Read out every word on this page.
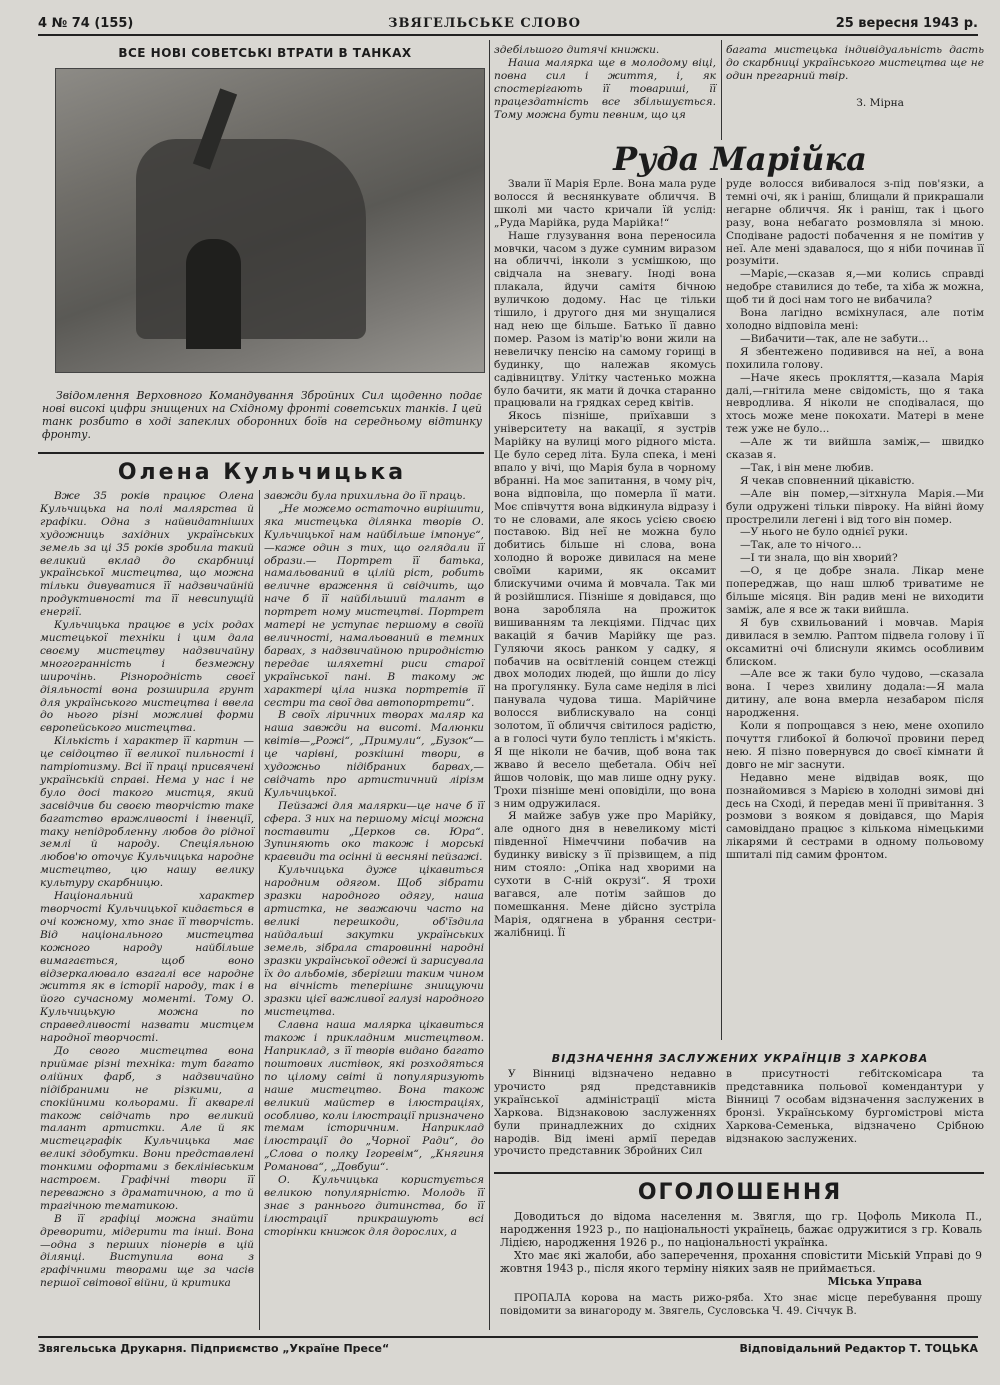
4 № 74 (155)	ЗВЯГЕЛЬСЬКЕ СЛОВО	25 вересня 1943 р.
ВСЕ НОВІ СОВЕТСЬКІ ВТРАТИ В ТАНКАХ
Звідомлення Верховного Командування Збройних Сил щоденно подає нові високі цифри знищених на Східному фронті советських танків. І цей танк розбито в ході запеклих оборонних боїв на середньому відтинку фронту.
Олена Кульчицька

Вже 35 років працює Олена Кульчицька на полі малярства й графіки. Одна з найвидатніших художниць західних українських земель за ці 35 років зробила такий великий вклад до скарбниці української мистецтва, що можна тільки дивуватися її надзвичайній продуктивності та її невсипущій енергії.

Кульчицька працює в усіх родах мистецької техніки і цим дала своєму мистецтву надзвичайну многогранність і безмежну широчінь. Різнородність своєї діяльності вона розширила грунт для українського мистецтва і ввела до нього різні можливі форми європейського мистецтва.

Кількість і характер її картин —це свідоцтво її великої пильності і патріотизму. Всі її праці присвячені українській справі. Нема у нас і не було досі такого мистця, який засвідчив би своєю творчістю таке багатство вражливості і інвенції, таку непідробленну любов до рідної землі й народу. Спеціяльною любов'ю оточує Кульчицька народне мистецтво, цю нашу велику культуру скарбницю.

Національний характер творчості Кульчицької кидається в очі кожному, хто знає її творчість. Від національного мистецтва кожного народу найбільше вимагається, щоб воно відзеркалювало взагалі все народне життя як в історії народу, так і в його сучасному моменті. Тому О. Кульчицькую можна по справедливості назвати мистцем народної творчості.

До свого мистецтва вона приймає різні техніка: тут багато олійних фарб, з надзвичайно підібраними не різкими, а спокійними кольорами. Її акварелі також свідчать про великий талант артистки. Але й як мистецграфік Кульчицька має великі здобутки. Вони представлені тонкими офортами з беклінівським настроєм. Графічні твори її переважно з драматичною, а то й трагічною тематикою.

В її графіці можна знайти древорити, мідерити та інші. Вона—одна з перших піонерів в цій ділянці. Виступила вона з графічними творами ще за часів першої світової війни, й критика

завжди була прихильна до її праць.

„Не можемо остаточно вирішити, яка мистецька ділянка творів О. Кульчицької нам найбільше імпонує“,—каже один з тих, що оглядали її образи.— Портрет її батька, намальований в цілій ріст, робить величне враження й свідчить, що наче б її найбільший талант в портрет ному мистецтві. Портрет матері не уступає першому в своїй величності, намальований в темних барвах, з надзвичайною природністю передає шляхетні риси старої української пані. В такому ж характері ціла низка портретів її сестри та свої два автопортрети“.

В своїх ліричних творах маляр ка наша завжди на висоті. Малюнки квітів—„Рожі“, „Примули“, „Бузок“—це чарівні, розкішні твори, в художньо підібраних барвах,—свідчать про артистичний лірізм Кульчицької.

Пейзажі для малярки—це наче б її сфера. З них на першому місці можна поставити „Церков св. Юра“. Зупиняють око також і морські краєвиди та осінні й весняні пейзажі.

Кульчицька дуже цікавиться народним одягом. Щоб зібрати зразки народного одягу, наша артистка, не зважаючи часто на великі перешкоди, об'їздила найдальші закутки українських земель, зібрала старовинні народні зразки української одежі й зарисувала їх до альбомів, зберігши таким чином на вічність теперішнє знищуючи зразки цієї важливої галузі народного мистецтва.

Славна наша малярка цікавиться також і прикладним мистецтвом. Наприклад, з її творів видано багато поштових листівок, які розходяться по цілому світі й популяризують наше мистецтво. Вона також великий майстер в ілюстраціях, особливо, коли ілюстрації призначено темам історичним. Наприклад ілюстрації до „Чорної Ради“, до „Слова о полку Ігоревім“, „Княгиня Романова“, „Довбуш“.

О. Кульчицька користується великою популярністю. Молодь її знає з раннього дитинства, бо її ілюстрації прикрашують всі сторінки книжок для дорослих, а

здебільшого дитячі книжки.

Наша малярка ще в молодому віці, повна сил і життя, і, як спостерігають її товариші, її працездатність все збільшується. Тому можна бути певним, що ця

багата мистецька індивідуальність дасть до скарбниці українського мистецтва ще не один прегарний твір.

З. Мірна

Руда Марійка

Звали її Марія Ерле. Вона мала руде волосся й веснянкувате обличчя. В школі ми часто кричали їй услід: „Руда Марійка, руда Марійка!“

Наше глузування вона переносила мовчки, часом з дуже сумним виразом на обличчі, інколи з усмішкою, що свідчала на зневагу. Іноді вона плакала, йдучи самітя бічною вуличкою додому. Нас це тільки тішило, і другого дня ми знущалися над нею ще більше. Батько її давно помер. Разом із матір'ю вони жили на невеличку пенсію на самому горищі в будинку, що належав якомусь садівництву. Улітку частенько можна було бачити, як мати й дочка старанно працювали на грядках серед квітів.

Якось пізніше, приїхавши з університету на вакації, я зустрів Марійку на вулиці мого рідного міста. Це було серед літа. Була спека, і мені впало у вічі, що Марія була в чорному вбранні. На моє запитання, в чому річ, вона відповіла, що померла її мати. Моє співчуття вона відкинула вiдразу і то не словами, але якось усією своєю поставою. Від неї не можна було добитись більше ні слова, вона холодно й вороже дивилася на мене своїми карими, як оксамит блискучими очима й мовчала. Так ми й розійшлися. Пізніше я довідався, що вона заробляла на прожиток вишиванням та лекціями. Підчас цих вакацій я бачив Марійку ще раз. Гуляючи якось ранком у садку, я побачив на освітленій сонцем стежці двох молодих людей, що йшли до лісу на прогулянку. Була саме неділя в лісі панувала чудова тиша. Марійчине волосся виблискувало на сонці золотом, її обличчя світилося радістю, а в голосі чути було теплість і м'якість. Я ще ніколи не бачив, щоб вона так жваво й весело щебетала. Обіч неї йшов чоловік, що мав лише одну руку. Трохи пізніше мені оповіділи, що вона з ним одружилася.

Я майже забув уже про Марійку, але одного дня в невеликому місті південної Німеччини побачив на будинку вивіску з її прізвищем, а під ним стояло: „Опіка над хворими на сухоти в С-ній окрузі“. Я трохи вагався, але потім зайшов до помешкання. Мене дійсно зустріла Марія, одягнена в убрання сестри-жалібниці. Її

руде волосся вибивалося з-під пов'язки, а темні очі, як і раніш, блищали й прикрашали негарне обличчя. Як і раніш, так і цього разу, вона небагато розмовляла зі мною. Сподіване радості побачення я не помітив у неї. Але мені здавалося, що я ніби починав її розуміти.

—Маріє,—сказав я,—ми колись справді недобре ставилися до тебе, та хіба ж можна, щоб ти й досі нам того не вибачила?

Вона лагідно всміхнулася, але потім холодно відповіла мені:

—Вибачити—так, але не забути...

Я збентежено подивився на неї, а вона похилила голову.

—Наче якесь прокляття,—казала Марія далі,—гнітила мене свідомість, що я така невродлива. Я ніколи не сподівалася, що хтось може мене покохати. Матері в мене теж уже не було...

—Але ж ти вийшла заміж,— швидко сказав я.

—Так, і він мене любив.

Я чекав сповненний цікавістю.

—Але він помер,—зітхнула Марія.—Ми були одружені тільки півроку. На війні йому прострелили легені і від того він помер.

—У нього не було однієї руки.

—Так, але то нічого...

—І ти знала, що він хворий?

—О, я це добре знала. Лікар мене попереджав, що наш шлюб триватиме не більше місяця. Він радив мені не виходити заміж, але я все ж таки вийшла.

Я був схвильований і мовчав. Марія дивилася в землю. Раптом підвела голову і її оксамитні очі блиснули якимсь особливим блиском.

—Але все ж таки було чудово, —сказала вона. І через хвилину додала:—Я мала дитину, але вона вмерла незабаром після народження.

Коли я попрощався з нею, мене охопило почуття глибокої й болючої провини перед нею. Я пізно повернувся до своєї кімнати й довго не міг заснути.

Недавно мене відвідав вояк, що познайомився з Марією в холодні зимові дні десь на Сході, й передав мені її привітання. З розмови з вояком я довідався, що Марія самовіддано працює з кількома німецькими лікарями й сестрами в одному польовому шпиталі під самим фронтом.

ВІДЗНАЧЕННЯ ЗАСЛУЖЕНИХ УКРАЇНЦІВ З ХАРКОВА

У Вінниці відзначено недавно урочисто ряд представників української адміністрації міста Харкова. Відзнаковою заслуженнях були принадлежних до східних народів. Від імені армії передав урочисто представник Збройних Сил

в присутності гебітскомісара та представника польової комендантури у Вінниці 7 особам відзначення заслужених в бронзі. Українському бургомістрові міста Харкова-Семенька, відзначено Срібною відзнакою заслужених.

ОГОЛОШЕННЯ

Доводиться до відома населення м. Звягля, що гр. Цофоль Микола П., народження 1923 р., по національності українець, бажає одружитися з гр. Коваль Лідією, народження 1926 р., по національності українка.

Хто має які жалоби, або заперечення, прохання сповістити Міській Управі до 9 жовтня 1943 р., після якого терміну ніяких заяв не приймається.

Міська Управа

ПРОПАЛА корова на масть рижо-ряба. Хто знає місце перебування прошу повідомити за винагороду м. Звягель, Сусловська Ч. 49. Січчук В.

Звягельська Друкарня. Підприємство „Україне Пресе“	Відповідальний Редактор Т. ТОЦЬКА
